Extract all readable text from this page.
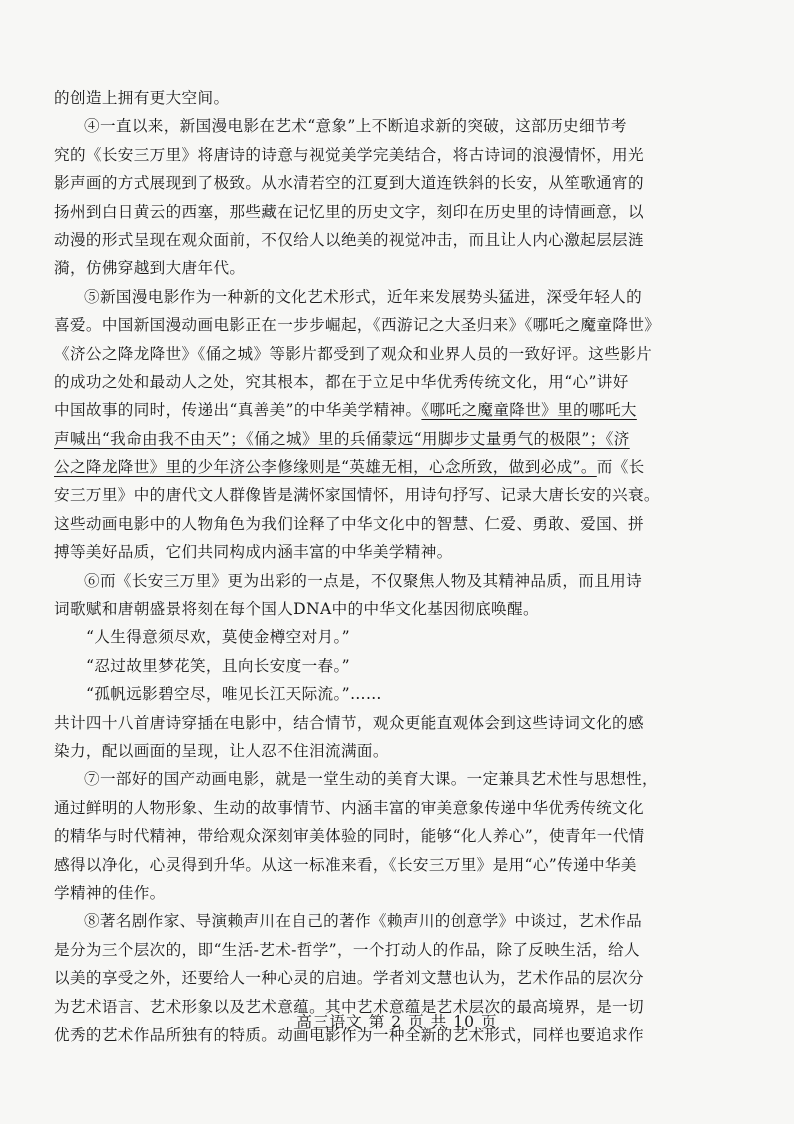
的创造上拥有更大空间。
④一直以来，新国漫电影在艺术“意象”上不断追求新的突破，这部历史细节考
究的《长安三万里》将唐诗的诗意与视觉美学完美结合，将古诗词的浪漫情怀，用光
影声画的方式展现到了极致。从水清若空的江夏到大道连铁斜的长安，从笙歌通宵的
扬州到白日黄云的西塞，那些藏在记忆里的历史文字，刻印在历史里的诗情画意，以
动漫的形式呈现在观众面前，不仅给人以绝美的视觉冲击，而且让人内心激起层层涟
漪，仿佛穿越到大唐年代。
⑤新国漫电影作为一种新的文化艺术形式，近年来发展势头猛进，深受年轻人的
喜爱。中国新国漫动画电影正在一步步崛起，《西游记之大圣归来》《哪吒之魔童降世》
《济公之降龙降世》《俑之城》等影片都受到了观众和业界人员的一致好评。这些影片
的成功之处和最动人之处，究其根本，都在于立足中华优秀传统文化，用“心”讲好
中国故事的同时，传递出“真善美”的中华美学精神。《哪吒之魔童降世》里的哪吒大
声喊出“我命由我不由天”；《俑之城》里的兵俑蒙远“用脚步丈量勇气的极限”；《济
公之降龙降世》里的少年济公李修缘则是“英雄无相，心念所致，做到必成”。而《长
安三万里》中的唐代文人群像皆是满怀家国情怀，用诗句抒写、记录大唐长安的兴衰。
这些动画电影中的人物角色为我们诠释了中华文化中的智慧、仁爱、勇敢、爱国、拼
搏等美好品质，它们共同构成内涵丰富的中华美学精神。
⑥而《长安三万里》更为出彩的一点是，不仅聚焦人物及其精神品质，而且用诗
词歌赋和唐朝盛景将刻在每个国人DNA中的中华文化基因彻底唤醒。
“人生得意须尽欢，莫使金樽空对月。”
“忍过故里梦花笑，且向长安度一春。”
“孤帆远影碧空尽，唯见长江天际流。”……
共计四十八首唐诗穿插在电影中，结合情节，观众更能直观体会到这些诗词文化的感
染力，配以画面的呈现，让人忍不住泪流满面。
⑦一部好的国产动画电影，就是一堂生动的美育大课。一定兼具艺术性与思想性，
通过鲜明的人物形象、生动的故事情节、内涵丰富的审美意象传递中华优秀传统文化
的精华与时代精神，带给观众深刻审美体验的同时，能够“化人养心”，使青年一代情
感得以净化，心灵得到升华。从这一标准来看，《长安三万里》是用“心”传递中华美
学精神的佳作。
⑧著名剧作家、导演赖声川在自己的著作《赖声川的创意学》中谈过，艺术作品
是分为三个层次的，即“生活-艺术-哲学”，一个打动人的作品，除了反映生活，给人
以美的享受之外，还要给人一种心灵的启迪。学者刘文慧也认为，艺术作品的层次分
为艺术语言、艺术形象以及艺术意蕴。其中艺术意蕴是艺术层次的最高境界，是一切
优秀的艺术作品所独有的特质。动画电影作为一种全新的艺术形式，同样也要追求作
高三语文 第 2 页 共 10 页
